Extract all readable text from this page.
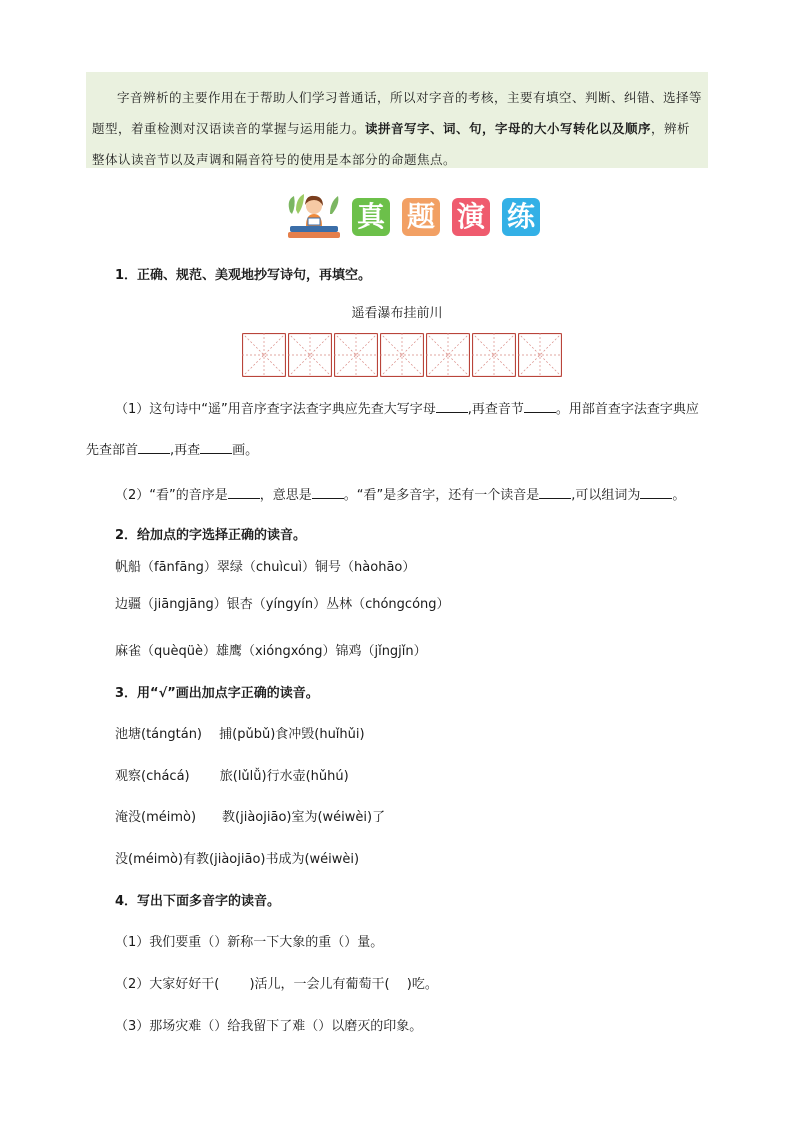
字音辨析的主要作用在于帮助人们学习普通话，所以对字音的考核，主要有填空、判断、纠错、选择等题型，着重检测对汉语读音的掌握与运用能力。读拼音写字、词、句，字母的大小写转化以及顺序，辨析整体认读音节以及声调和隔音符号的使用是本部分的命题焦点。
真 题 演 练
1．正确、规范、美观地抄写诗句，再填空。
遥看瀑布挂前川
（1）这句诗中“遥”用音序查字法查字典应先查大写字母 ,再查音节 。用部首查字法查字典应先查部首 ,再查 画。
（2）“看”的音序是 ，意思是 。“看”是多音字，还有一个读音是 ,可以组词为 。
2．给加点的字选择正确的读音。
帆船（fānfāng）翠绿（chuìcuì）铜号（hàohāo）
边疆（jiāngjāng）银杏（yíngyín）丛林（chóngcóng）
麻雀（quèqüè）雄鹰（xióngxóng）锦鸡（jǐngjǐn）
3．用“√”画出加点字正确的读音。
池塘(tángtán)　 捕(pǔbǔ)食冲毁(huǐhǔi)
观察(chácá)　　 旅(lǔlǚ)行水壶(hǔhú)
淹没(méimò)　　教(jiàojiāo)室为(wéiwèi)了
没(méimò)有教(jiàojiāo)书成为(wéiwèi)
4．写出下面多音字的读音。
（1）我们要重（）新称一下大象的重（）量。
（2）大家好好干(　　 )活儿，一会儿有葡萄干(　 )吃。
（3）那场灾难（）给我留下了难（）以磨灭的印象。
